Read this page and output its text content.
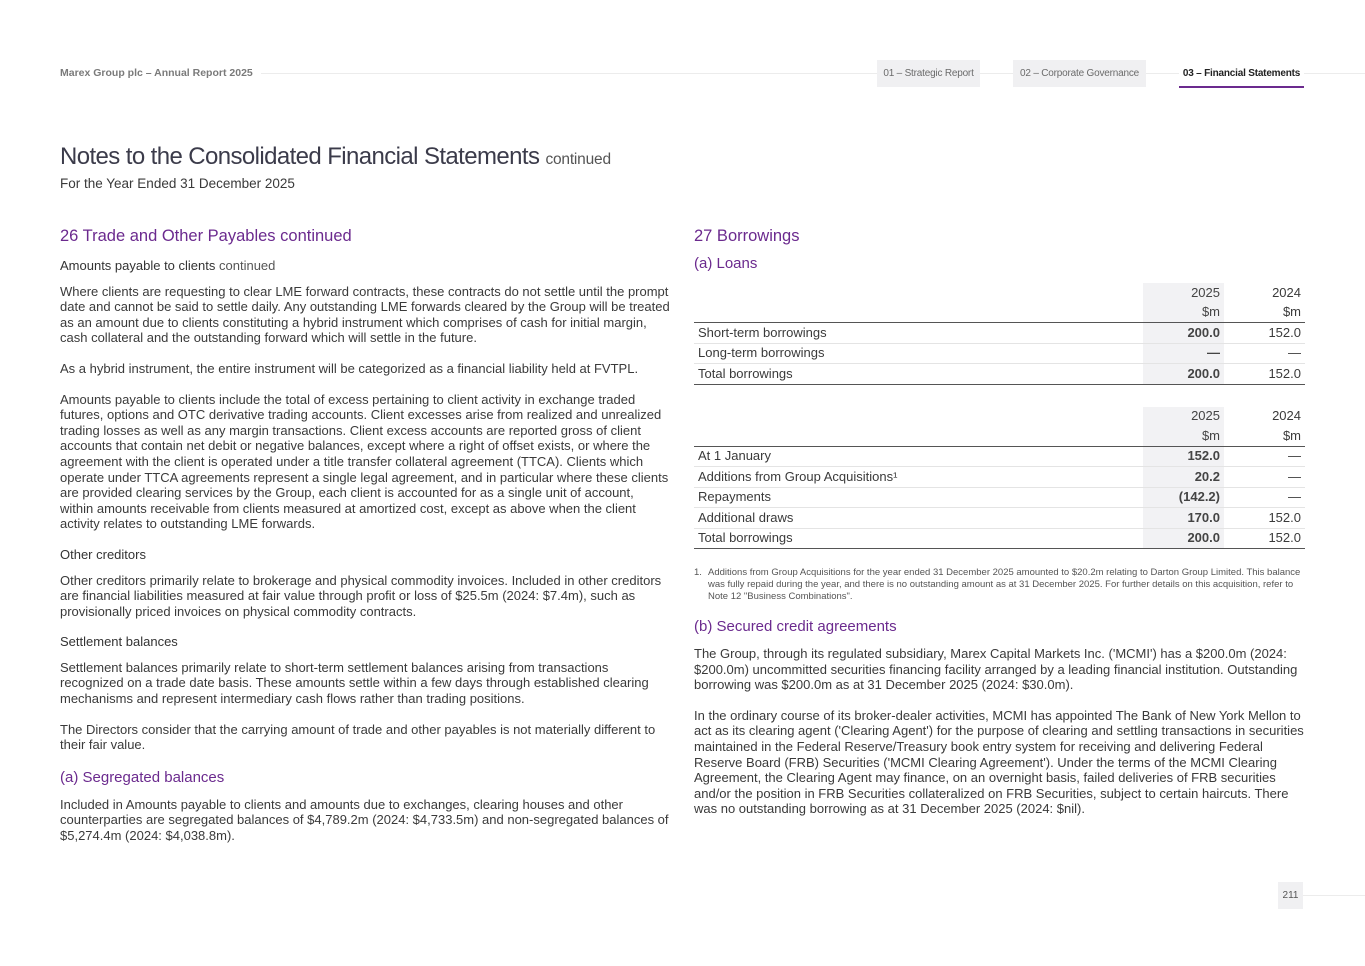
Marex Group plc – Annual Report 2025	01 – Strategic Report	02 – Corporate Governance	03 – Financial Statements
Notes to the Consolidated Financial Statements continued
For the Year Ended 31 December 2025
26 Trade and Other Payables continued
Amounts payable to clients continued

Where clients are requesting to clear LME forward contracts, these contracts do not settle until the prompt date and cannot be said to settle daily. Any outstanding LME forwards cleared by the Group will be treated as an amount due to clients constituting a hybrid instrument which comprises of cash for initial margin, cash collateral and the outstanding forward which will settle in the future.

As a hybrid instrument, the entire instrument will be categorized as a financial liability held at FVTPL.

Amounts payable to clients include the total of excess pertaining to client activity in exchange traded futures, options and OTC derivative trading accounts. Client excesses arise from realized and unrealized trading losses as well as any margin transactions. Client excess accounts are reported gross of client accounts that contain net debit or negative balances, except where a right of offset exists, or where the agreement with the client is operated under a title transfer collateral agreement (TTCA). Clients which operate under TTCA agreements represent a single legal agreement, and in particular where these clients are provided clearing services by the Group, each client is accounted for as a single unit of account, within amounts receivable from clients measured at amortized cost, except as above when the client activity relates to outstanding LME forwards.

Other creditors

Other creditors primarily relate to brokerage and physical commodity invoices. Included in other creditors are financial liabilities measured at fair value through profit or loss of $25.5m (2024: $7.4m), such as provisionally priced invoices on physical commodity contracts.

Settlement balances

Settlement balances primarily relate to short-term settlement balances arising from transactions recognized on a trade date basis. These amounts settle within a few days through established clearing mechanisms and represent intermediary cash flows rather than trading positions.

The Directors consider that the carrying amount of trade and other payables is not materially different to their fair value.

(a) Segregated balances

Included in Amounts payable to clients and amounts due to exchanges, clearing houses and other counterparties are segregated balances of $4,789.2m (2024: $4,733.5m) and non-segregated balances of $5,274.4m (2024: $4,038.8m).

27 Borrowings
(a) Loans
	2025	2024
	$m	$m
Short-term borrowings	200.0	152.0
Long-term borrowings	—	—
Total borrowings	200.0	152.0
	2025	2024
	$m	$m
At 1 January	152.0	—
Additions from Group Acquisitions¹	20.2	—
Repayments	(142.2)	—
Additional draws	170.0	152.0
Total borrowings	200.0	152.0
1. Additions from Group Acquisitions for the year ended 31 December 2025 amounted to $20.2m relating to Darton Group Limited. This balance was fully repaid during the year, and there is no outstanding amount as at 31 December 2025. For further details on this acquisition, refer to Note 12 "Business Combinations".
(b) Secured credit agreements

The Group, through its regulated subsidiary, Marex Capital Markets Inc. ('MCMI') has a $200.0m (2024: $200.0m) uncommitted securities financing facility arranged by a leading financial institution. Outstanding borrowing was $200.0m as at 31 December 2025 (2024: $30.0m).

In the ordinary course of its broker-dealer activities, MCMI has appointed The Bank of New York Mellon to act as its clearing agent ('Clearing Agent') for the purpose of clearing and settling transactions in securities maintained in the Federal Reserve/Treasury book entry system for receiving and delivering Federal Reserve Board (FRB) Securities ('MCMI Clearing Agreement'). Under the terms of the MCMI Clearing Agreement, the Clearing Agent may finance, on an overnight basis, failed deliveries of FRB securities and/or the position in FRB Securities collateralized on FRB Securities, subject to certain haircuts. There was no outstanding borrowing as at 31 December 2025 (2024: $nil).

211
